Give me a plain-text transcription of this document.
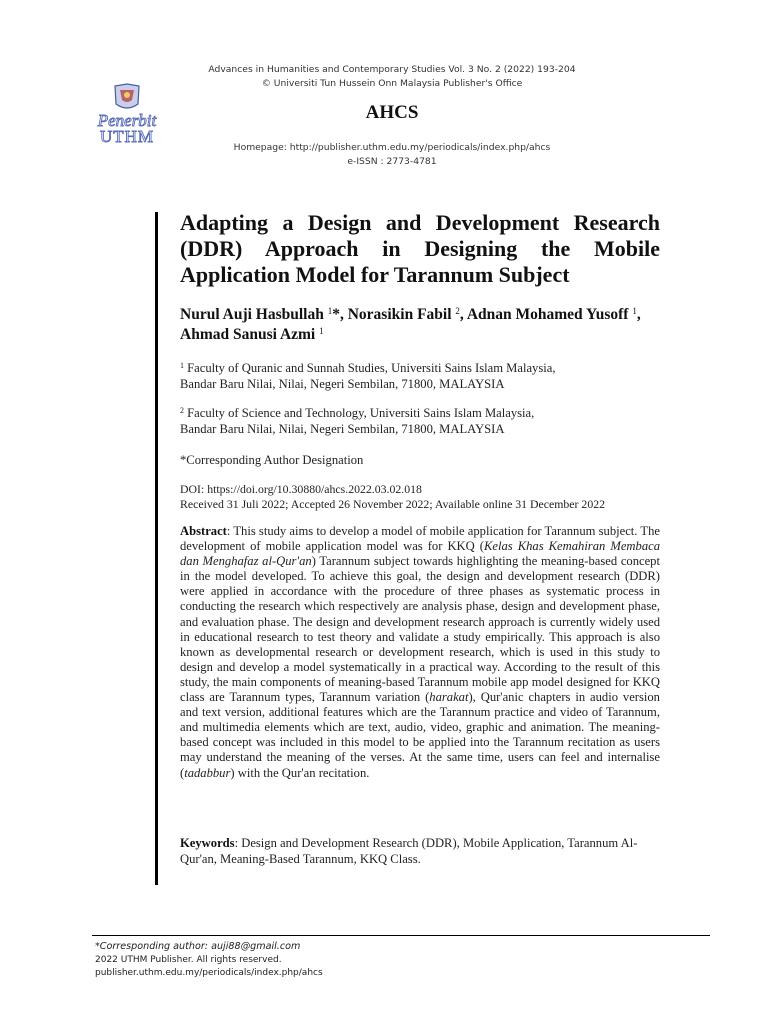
Advances in Humanities and Contemporary Studies Vol. 3 No. 2 (2022) 193-204
© Universiti Tun Hussein Onn Malaysia Publisher's Office
AHCS
Homepage: http://publisher.uthm.edu.my/periodicals/index.php/ahcs
e-ISSN : 2773-4781
Penerbit
UTHM
Adapting a Design and Development Research (DDR) Approach in Designing the Mobile Application Model for Tarannum Subject
Nurul Auji Hasbullah $^1$*, Norasikin Fabil $^2$, Adnan Mohamed Yusoff $^1$, Ahmad Sanusi Azmi $^1$
$^1$ Faculty of Quranic and Sunnah Studies, Universiti Sains Islam Malaysia,
Bandar Baru Nilai, Nilai, Negeri Sembilan, 71800, MALAYSIA
$^2$ Faculty of Science and Technology, Universiti Sains Islam Malaysia,
Bandar Baru Nilai, Nilai, Negeri Sembilan, 71800, MALAYSIA
*Corresponding Author Designation
DOI: https://doi.org/10.30880/ahcs.2022.03.02.018
Received 31 Juli 2022; Accepted 26 November 2022; Available online 31 December 2022

Abstract: This study aims to develop a model of mobile application for Tarannum subject. The development of mobile application model was for KKQ (Kelas Khas Kemahiran Membaca dan Menghafaz al-Qur'an) Tarannum subject towards highlighting the meaning-based concept in the model developed. To achieve this goal, the design and development research (DDR) were applied in accordance with the procedure of three phases as systematic process in conducting the research which respectively are analysis phase, design and development phase, and evaluation phase. The design and development research approach is currently widely used in educational research to test theory and validate a study empirically. This approach is also known as developmental research or development research, which is used in this study to design and develop a model systematically in a practical way. According to the result of this study, the main components of meaning-based Tarannum mobile app model designed for KKQ class are Tarannum types, Tarannum variation (harakat), Qur'anic chapters in audio version and text version, additional features which are the Tarannum practice and video of Tarannum, and multimedia elements which are text, audio, video, graphic and animation. The meaning-based concept was included in this model to be applied into the Tarannum recitation as users may understand the meaning of the verses. At the same time, users can feel and internalise (tadabbur) with the Qur'an recitation.

Keywords: Design and Development Research (DDR), Mobile Application, Tarannum Al-Qur'an, Meaning-Based Tarannum, KKQ Class.

*Corresponding author: auji88@gmail.com
2022 UTHM Publisher. All rights reserved.
publisher.uthm.edu.my/periodicals/index.php/ahcs
